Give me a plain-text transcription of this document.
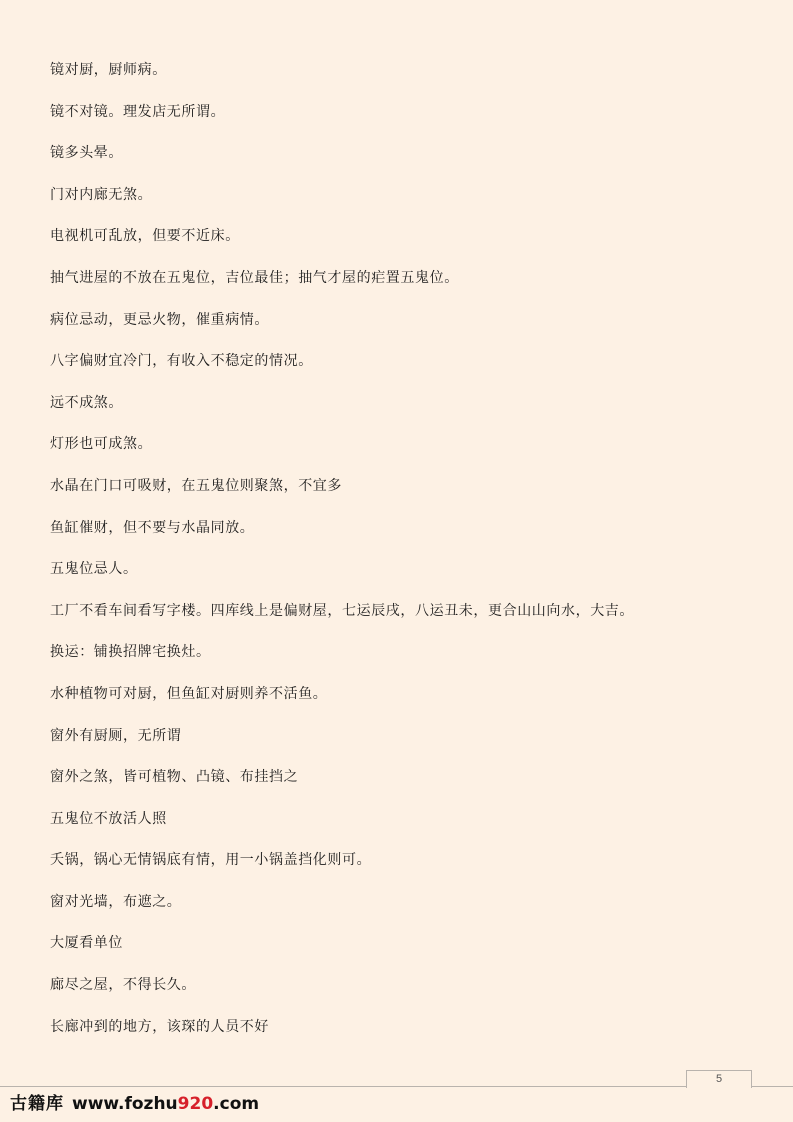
镜对厨，厨师病。
镜不对镜。理发店无所谓。
镜多头晕。
门对内廊无煞。
电视机可乱放，但要不近床。
抽气进屋的不放在五鬼位，吉位最佳；抽气才屋的疟置五鬼位。
病位忌动，更忌火物，催重病情。
八字偏财宜冷门，有收入不稳定的情况。
远不成煞。
灯形也可成煞。
水晶在门口可吸财，在五鬼位则聚煞，不宜多
鱼缸催财，但不要与水晶同放。
五鬼位忌人。
工厂不看车间看写字楼。四库线上是偏财屋，七运辰戌，八运丑未，更合山山向水，大吉。
换运：铺换招牌宅换灶。
水种植物可对厨，但鱼缸对厨则养不活鱼。
窗外有厨厕，无所谓
窗外之煞，皆可植物、凸镜、布挂挡之
五鬼位不放活人照
夭锅，锅心无情锅底有情，用一小锅盖挡化则可。
窗对光墙，布遮之。
大厦看单位
廊尽之屋，不得长久。
长廊冲到的地方，该琛的人员不好
5
古籍库 www.fozhu920.com
